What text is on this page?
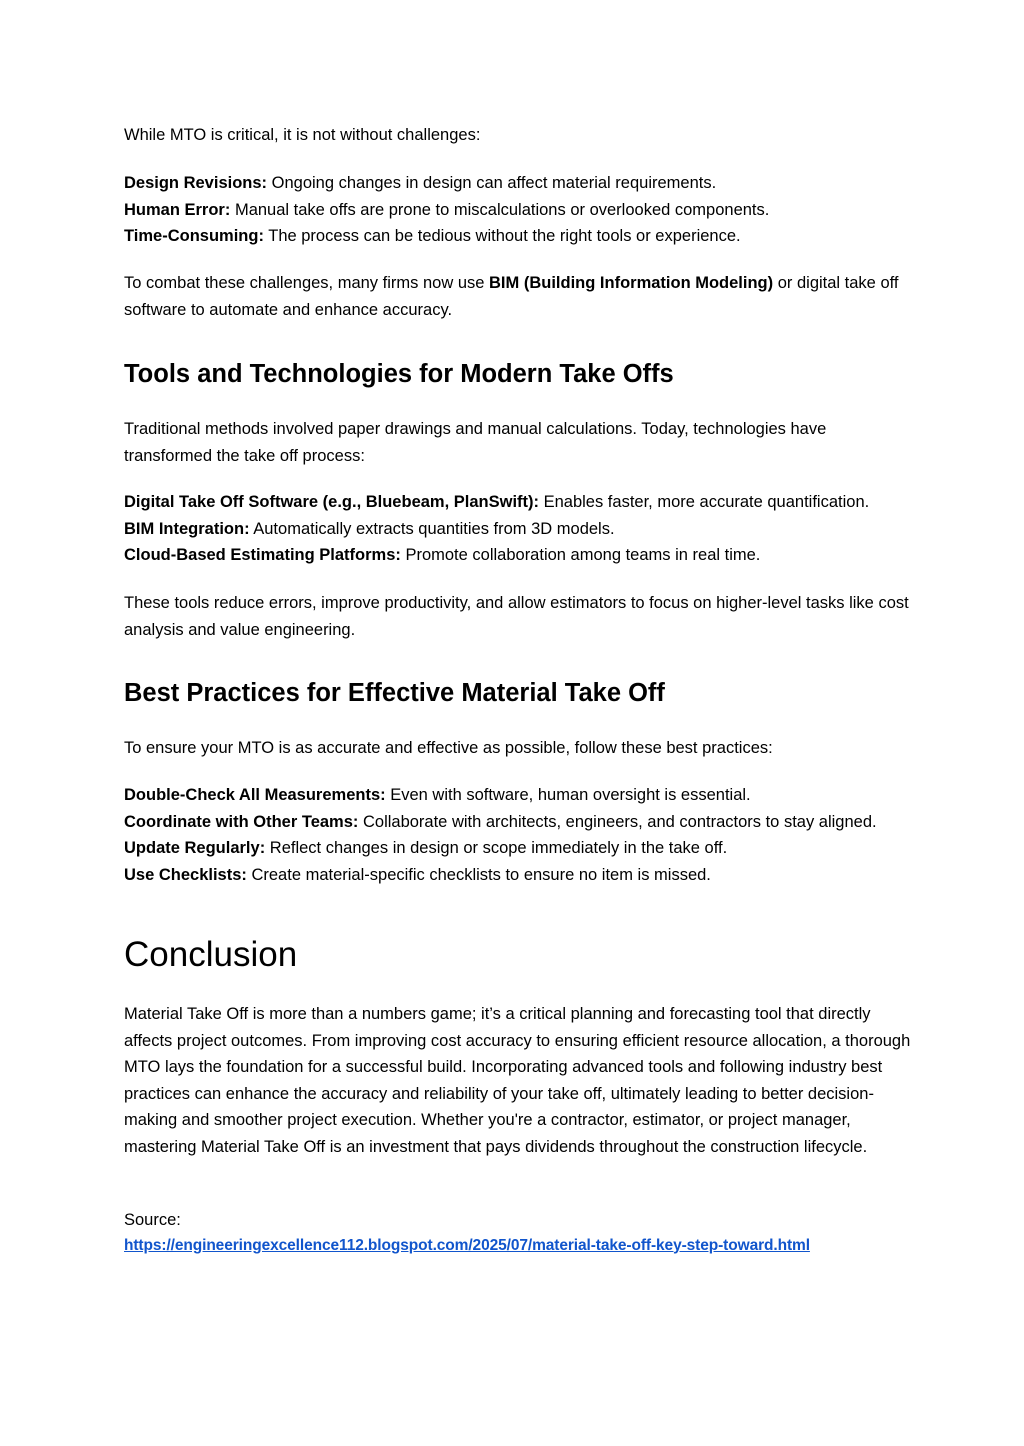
While MTO is critical, it is not without challenges:

Design Revisions: Ongoing changes in design can affect material requirements.
Human Error: Manual take offs are prone to miscalculations or overlooked components.
Time-Consuming: The process can be tedious without the right tools or experience.

To combat these challenges, many firms now use BIM (Building Information Modeling) or digital take off software to automate and enhance accuracy.

Tools and Technologies for Modern Take Offs

Traditional methods involved paper drawings and manual calculations. Today, technologies have transformed the take off process:

Digital Take Off Software (e.g., Bluebeam, PlanSwift): Enables faster, more accurate quantification.
BIM Integration: Automatically extracts quantities from 3D models.
Cloud-Based Estimating Platforms: Promote collaboration among teams in real time.

These tools reduce errors, improve productivity, and allow estimators to focus on higher-level tasks like cost analysis and value engineering.

Best Practices for Effective Material Take Off

To ensure your MTO is as accurate and effective as possible, follow these best practices:

Double-Check All Measurements: Even with software, human oversight is essential.
Coordinate with Other Teams: Collaborate with architects, engineers, and contractors to stay aligned.
Update Regularly: Reflect changes in design or scope immediately in the take off.
Use Checklists: Create material-specific checklists to ensure no item is missed.
Conclusion

Material Take Off is more than a numbers game; it’s a critical planning and forecasting tool that directly affects project outcomes. From improving cost accuracy to ensuring efficient resource allocation, a thorough MTO lays the foundation for a successful build. Incorporating advanced tools and following industry best practices can enhance the accuracy and reliability of your take off, ultimately leading to better decision-making and smoother project execution. Whether you're a contractor, estimator, or project manager, mastering Material Take Off is an investment that pays dividends throughout the construction lifecycle.

Source:
https://engineeringexcellence112.blogspot.com/2025/07/material-take-off-key-step-toward.html
